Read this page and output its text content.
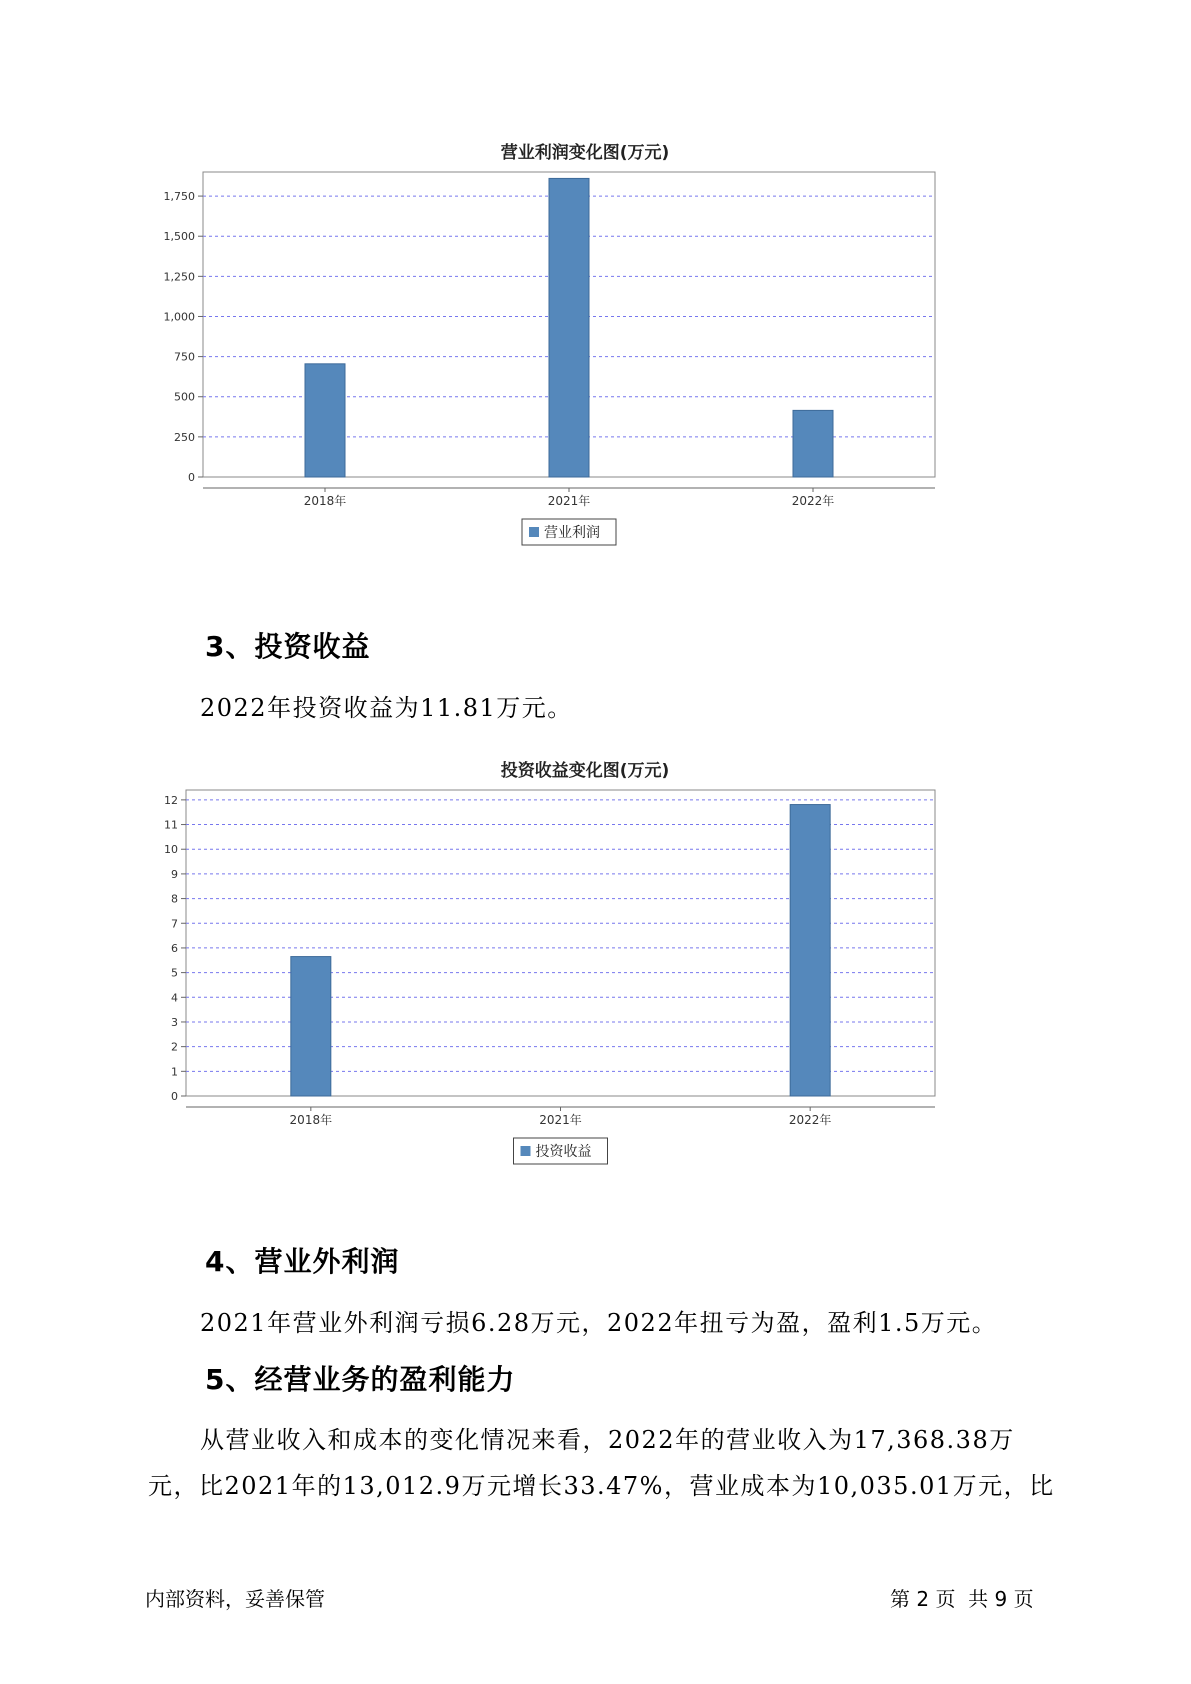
营业利润变化图(万元)
0
250
500
750
1,000
1,250
1,500
1,750
2018年	2021年	2022年
营业利润
3、投资收益
2022年投资收益为11.81万元。
投资收益变化图(万元)
0
1
2
3
4
5
6
7
8
9
10
11
12
2018年	2021年	2022年
投资收益
4、营业外利润
2021年营业外利润亏损6.28万元，2022年扭亏为盈，盈利1.5万元。
5、经营业务的盈利能力
从营业收入和成本的变化情况来看，2022年的营业收入为17,368.38万
元，比2021年的13,012.9万元增长33.47%，营业成本为10,035.01万元，比
内部资料，妥善保管	第 2 页  共 9 页
